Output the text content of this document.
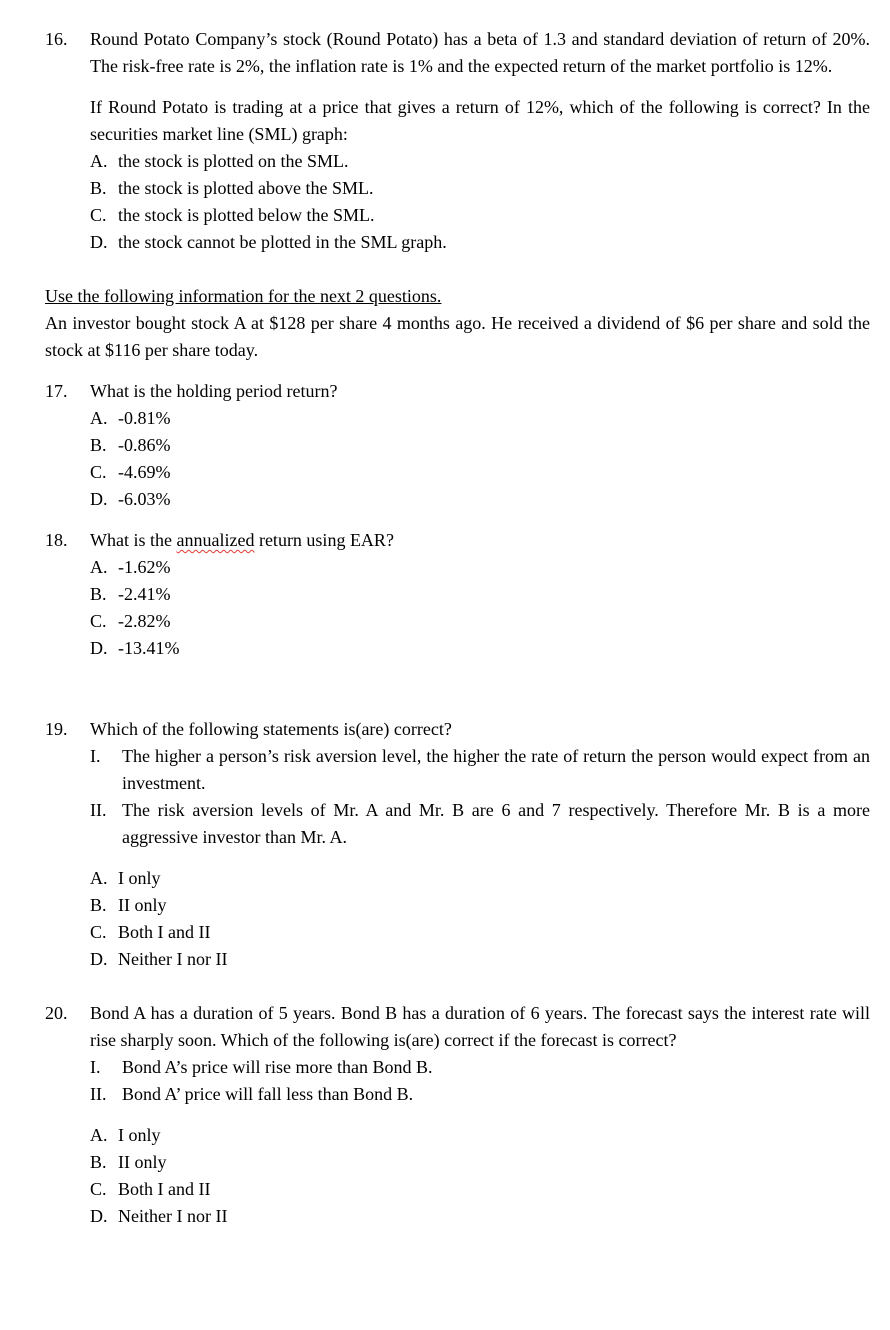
16. Round Potato Company’s stock (Round Potato) has a beta of 1.3 and standard deviation of return of 20%. The risk-free rate is 2%, the inflation rate is 1% and the expected return of the market portfolio is 12%.
If Round Potato is trading at a price that gives a return of 12%, which of the following is correct? In the securities market line (SML) graph:
A. the stock is plotted on the SML.
B. the stock is plotted above the SML.
C. the stock is plotted below the SML.
D. the stock cannot be plotted in the SML graph.
Use the following information for the next 2 questions.
An investor bought stock A at $128 per share 4 months ago. He received a dividend of $6 per share and sold the stock at $116 per share today.
17. What is the holding period return?
A. -0.81%
B. -0.86%
C. -4.69%
D. -6.03%
18. What is the annualized return using EAR?
A. -1.62%
B. -2.41%
C. -2.82%
D. -13.41%
19. Which of the following statements is(are) correct?
I.	The higher a person’s risk aversion level, the higher the rate of return the person would expect from an investment.
II. The risk aversion levels of Mr. A and Mr. B are 6 and 7 respectively. Therefore Mr. B is a more aggressive investor than Mr. A.
A. I only
B. II only
C. Both I and II
D. Neither I nor II
20. Bond A has a duration of 5 years. Bond B has a duration of 6 years. The forecast says the interest rate will rise sharply soon. Which of the following is(are) correct if the forecast is correct?
I.	Bond A’s price will rise more than Bond B.
II. Bond A’ price will fall less than Bond B.
A. I only
B. II only
C. Both I and II
D. Neither I nor II
